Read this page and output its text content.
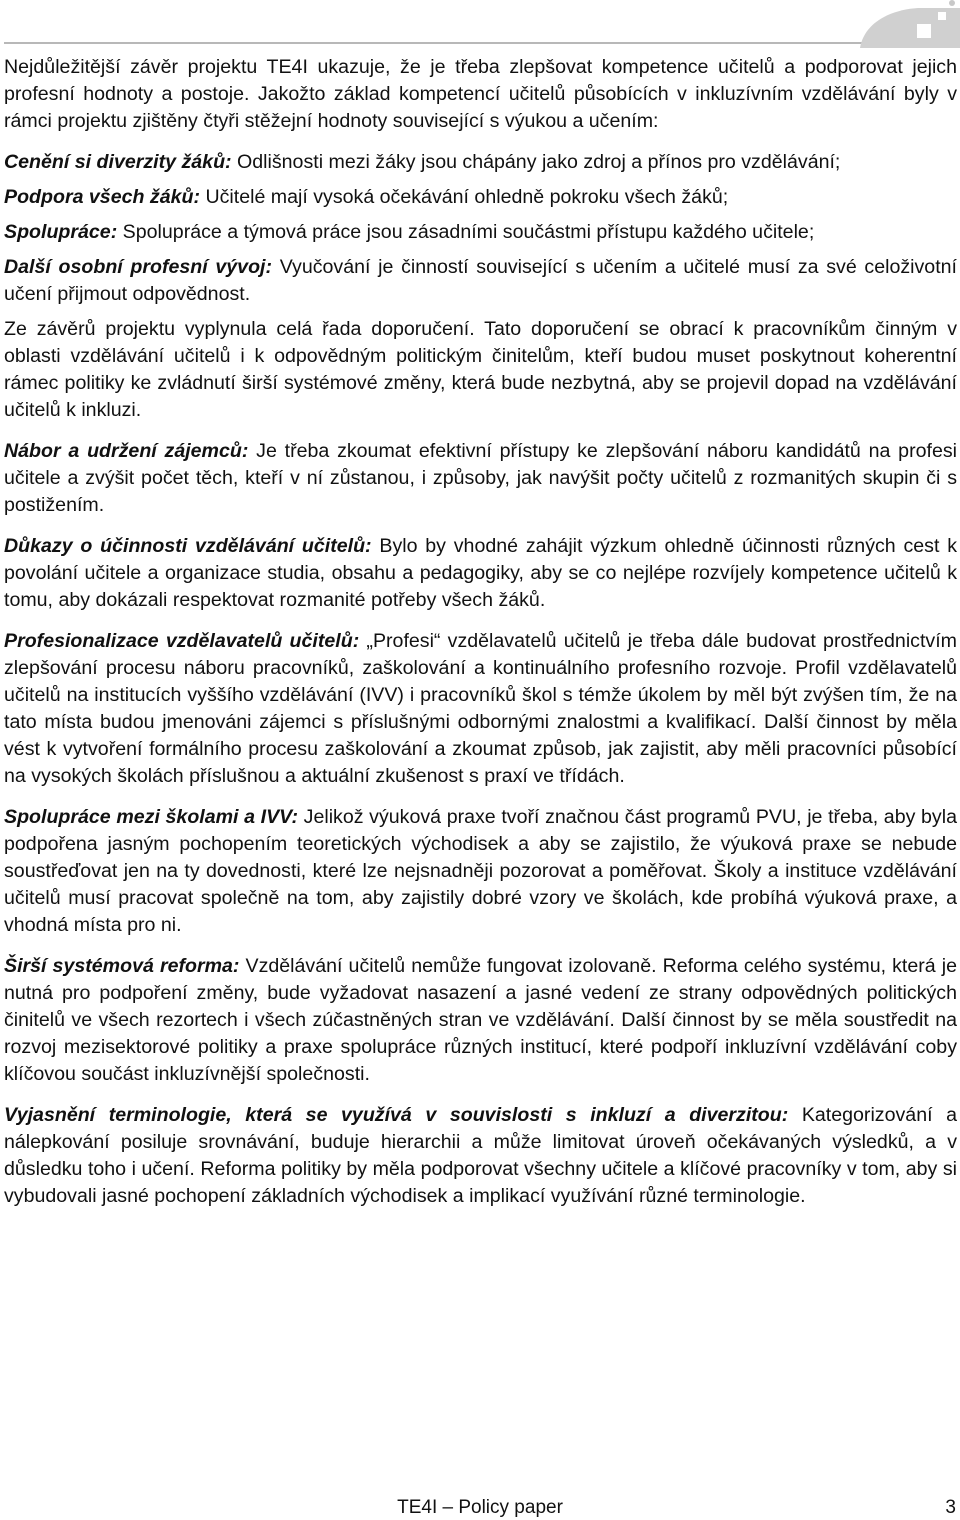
Nejdůležitější závěr projektu TE4I ukazuje, že je třeba zlepšovat kompetence učitelů a podporovat jejich profesní hodnoty a postoje. Jakožto základ kompetencí učitelů působících v inkluzívním vzdělávání byly v rámci projektu zjištěny čtyři stěžejní hodnoty související s výukou a učením:

Cenění si diverzity žáků: Odlišnosti mezi žáky jsou chápány jako zdroj a přínos pro vzdělávání;

Podpora všech žáků: Učitelé mají vysoká očekávání ohledně pokroku všech žáků;

Spolupráce: Spolupráce a týmová práce jsou zásadními součástmi přístupu každého učitele;

Další osobní profesní vývoj: Vyučování je činností související s učením a učitelé musí za své celoživotní učení přijmout odpovědnost.

Ze závěrů projektu vyplynula celá řada doporučení. Tato doporučení se obrací k pracovníkům činným v oblasti vzdělávání učitelů i k odpovědným politickým činitelům, kteří budou muset poskytnout koherentní rámec politiky ke zvládnutí širší systémové změny, která bude nezbytná, aby se projevil dopad na vzdělávání učitelů k inkluzi.

Nábor a udržení zájemců: Je třeba zkoumat efektivní přístupy ke zlepšování náboru kandidátů na profesi učitele a zvýšit počet těch, kteří v ní zůstanou, i způsoby, jak navýšit počty učitelů z rozmanitých skupin či s postižením.

Důkazy o účinnosti vzdělávání učitelů: Bylo by vhodné zahájit výzkum ohledně účinnosti různých cest k povolání učitele a organizace studia, obsahu a pedagogiky, aby se co nejlépe rozvíjely kompetence učitelů k tomu, aby dokázali respektovat rozmanité potřeby všech žáků.

Profesionalizace vzdělavatelů učitelů: „Profesi“ vzdělavatelů učitelů je třeba dále budovat prostřednictvím zlepšování procesu náboru pracovníků, zaškolování a kontinuálního profesního rozvoje. Profil vzdělavatelů učitelů na institucích vyššího vzdělávání (IVV) i pracovníků škol s témže úkolem by měl být zvýšen tím, že na tato místa budou jmenováni zájemci s příslušnými odbornými znalostmi a kvalifikací. Další činnost by měla vést k vytvoření formálního procesu zaškolování a zkoumat způsob, jak zajistit, aby měli pracovníci působící na vysokých školách příslušnou a aktuální zkušenost s praxí ve třídách.

Spolupráce mezi školami a IVV: Jelikož výuková praxe tvoří značnou část programů PVU, je třeba, aby byla podpořena jasným pochopením teoretických východisek a aby se zajistilo, že výuková praxe se nebude soustřeďovat jen na ty dovednosti, které lze nejsnadněji pozorovat a poměřovat. Školy a instituce vzdělávání učitelů musí pracovat společně na tom, aby zajistily dobré vzory ve školách, kde probíhá výuková praxe, a vhodná místa pro ni.

Širší systémová reforma: Vzdělávání učitelů nemůže fungovat izolovaně. Reforma celého systému, která je nutná pro podpoření změny, bude vyžadovat nasazení a jasné vedení ze strany odpovědných politických činitelů ve všech rezortech i všech zúčastněných stran ve vzdělávání. Další činnost by se měla soustředit na rozvoj mezisektorové politiky a praxe spolupráce různých institucí, které podpoří inkluzívní vzdělávání coby klíčovou součást inkluzívnější společnosti.

Vyjasnění terminologie, která se využívá v souvislosti s inkluzí a diverzitou: Kategorizování a nálepkování posiluje srovnávání, buduje hierarchii a může limitovat úroveň očekávaných výsledků, a v důsledku toho i učení. Reforma politiky by měla podporovat všechny učitele a klíčové pracovníky v tom, aby si vybudovali jasné pochopení základních východisek a implikací využívání různé terminologie.

TE4I – Policy paper	3
